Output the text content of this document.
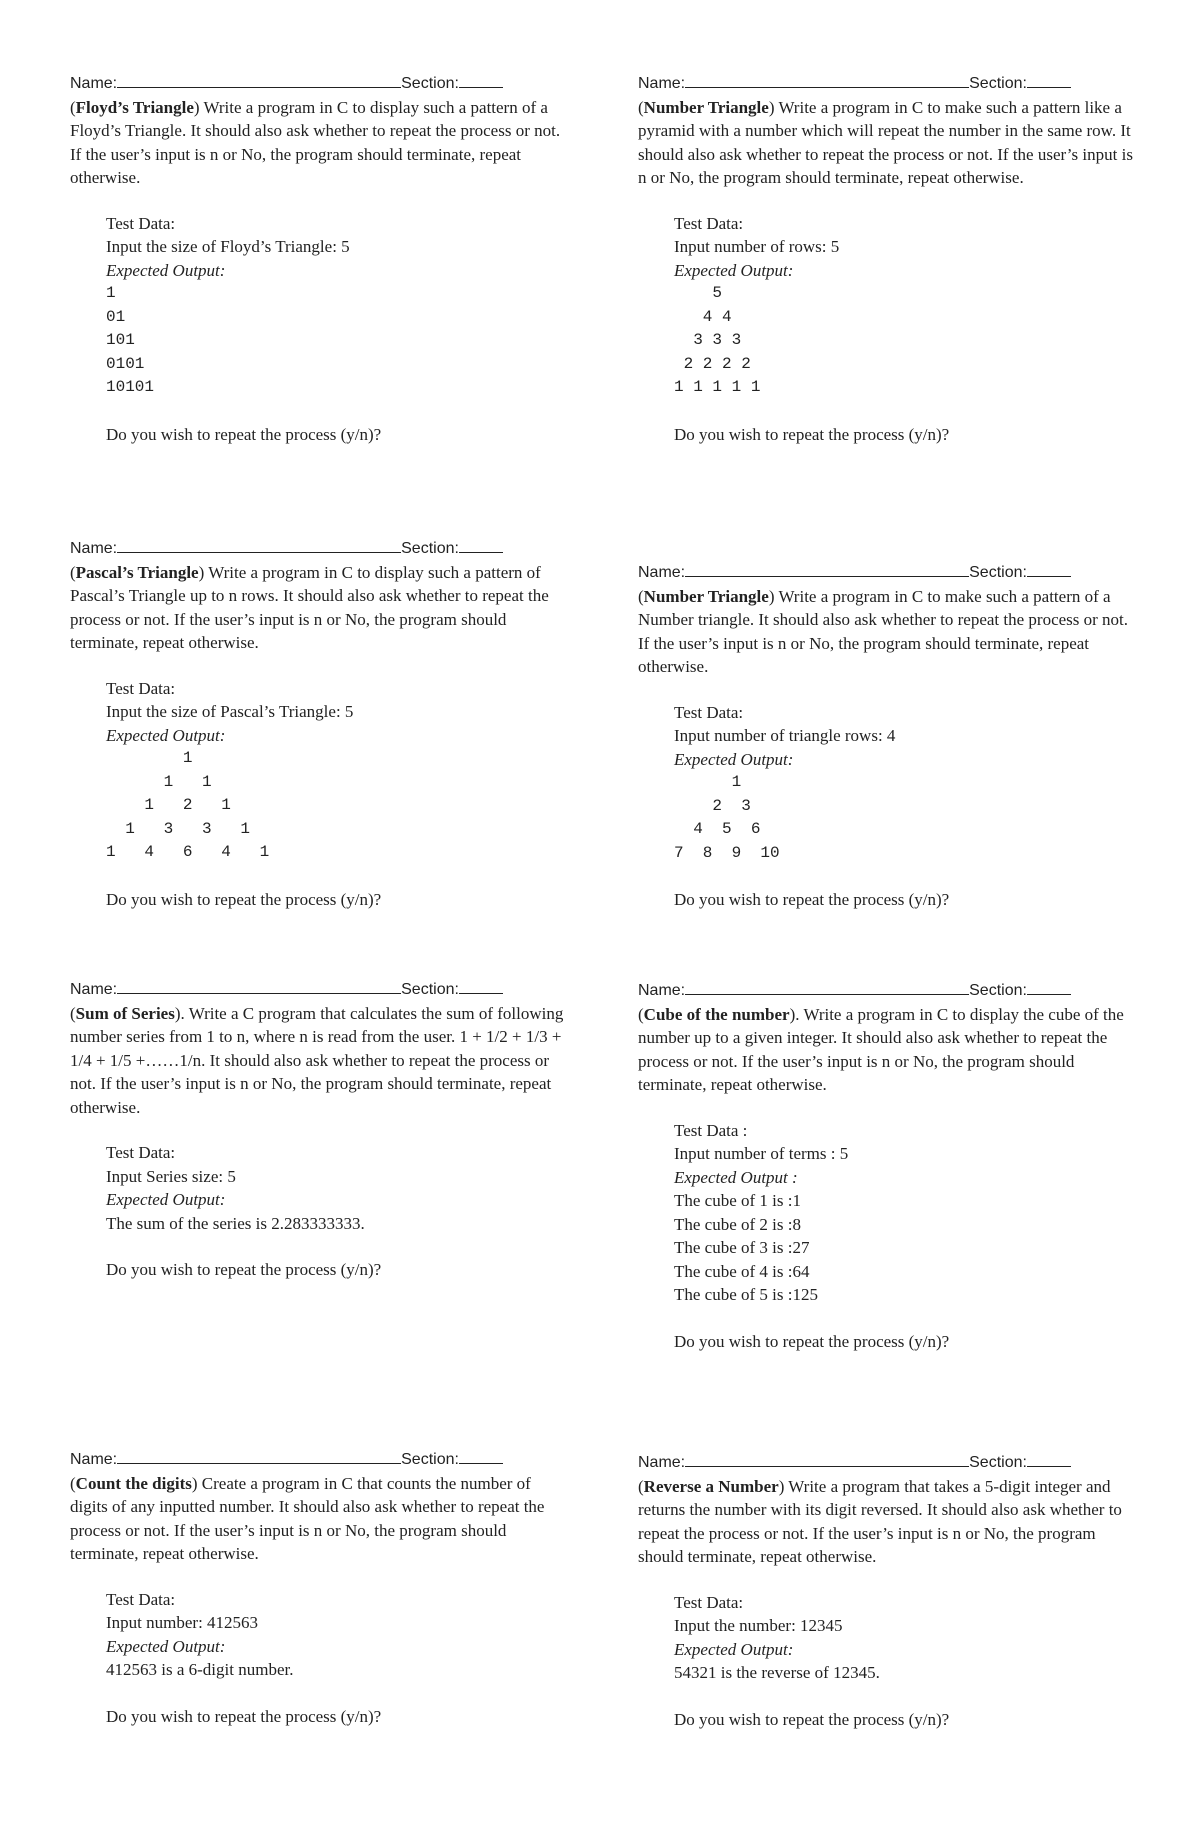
Name:	Section:

(Floyd’s Triangle) Write a program in C to display such a pattern of a Floyd’s Triangle. It should also ask whether to repeat the process or not. If the user’s input is n or No, the program should terminate, repeat otherwise.

Test Data:
Input the size of Floyd’s Triangle: 5
Expected Output:
1
01
101
0101
10101
Do you wish to repeat the process (y/n)?
Name:	Section:

(Number Triangle) Write a program in C to make such a pattern like a pyramid with a number which will repeat the number in the same row. It should also ask whether to repeat the process or not. If the user’s input is n or No, the program should terminate, repeat otherwise.

Test Data:
Input number of rows: 5
Expected Output:
5
4 4
3 3 3
2 2 2 2
1 1 1 1 1
Do you wish to repeat the process (y/n)?
Name:	Section:

(Pascal’s Triangle) Write a program in C to display such a pattern of Pascal’s Triangle up to n rows. It should also ask whether to repeat the process or not. If the user’s input is n or No, the program should terminate, repeat otherwise.

Test Data:
Input the size of Pascal’s Triangle: 5
Expected Output:
1
1   1
1   2   1
1   3   3   1
1   4   6   4   1
Do you wish to repeat the process (y/n)?
Name:	Section:

(Number Triangle) Write a program in C to make such a pattern of a Number triangle. It should also ask whether to repeat the process or not. If the user’s input is n or No, the program should terminate, repeat otherwise.

Test Data:
Input number of triangle rows: 4
Expected Output:
1
2  3
4  5  6
7  8  9  10
Do you wish to repeat the process (y/n)?
Name:	Section:

(Sum of Series). Write a C program that calculates the sum of following number series from 1 to n, where n is read from the user. 1 + 1/2 + 1/3 + 1/4 + 1/5 +……1/n. It should also ask whether to repeat the process or not. If the user’s input is n or No, the program should terminate, repeat otherwise.

Test Data:
Input Series size: 5
Expected Output:
The sum of the series is 2.283333333.
Do you wish to repeat the process (y/n)?
Name:	Section:

(Cube of the number). Write a program in C to display the cube of the number up to a given integer. It should also ask whether to repeat the process or not. If the user’s input is n or No, the program should terminate, repeat otherwise.

Test Data :
Input number of terms : 5
Expected Output :
The cube of 1 is :1
The cube of 2 is :8
The cube of 3 is :27
The cube of 4 is :64
The cube of 5 is :125
Do you wish to repeat the process (y/n)?
Name:	Section:

(Count the digits) Create a program in C that counts the number of digits of any inputted number. It should also ask whether to repeat the process or not. If the user’s input is n or No, the program should terminate, repeat otherwise.

Test Data:
Input number: 412563
Expected Output:
412563 is a 6-digit number.
Do you wish to repeat the process (y/n)?
Name:	Section:

(Reverse a Number) Write a program that takes a 5-digit integer and returns the number with its digit reversed. It should also ask whether to repeat the process or not. If the user’s input is n or No, the program should terminate, repeat otherwise.

Test Data:
Input the number: 12345
Expected Output:
54321 is the reverse of 12345.
Do you wish to repeat the process (y/n)?
